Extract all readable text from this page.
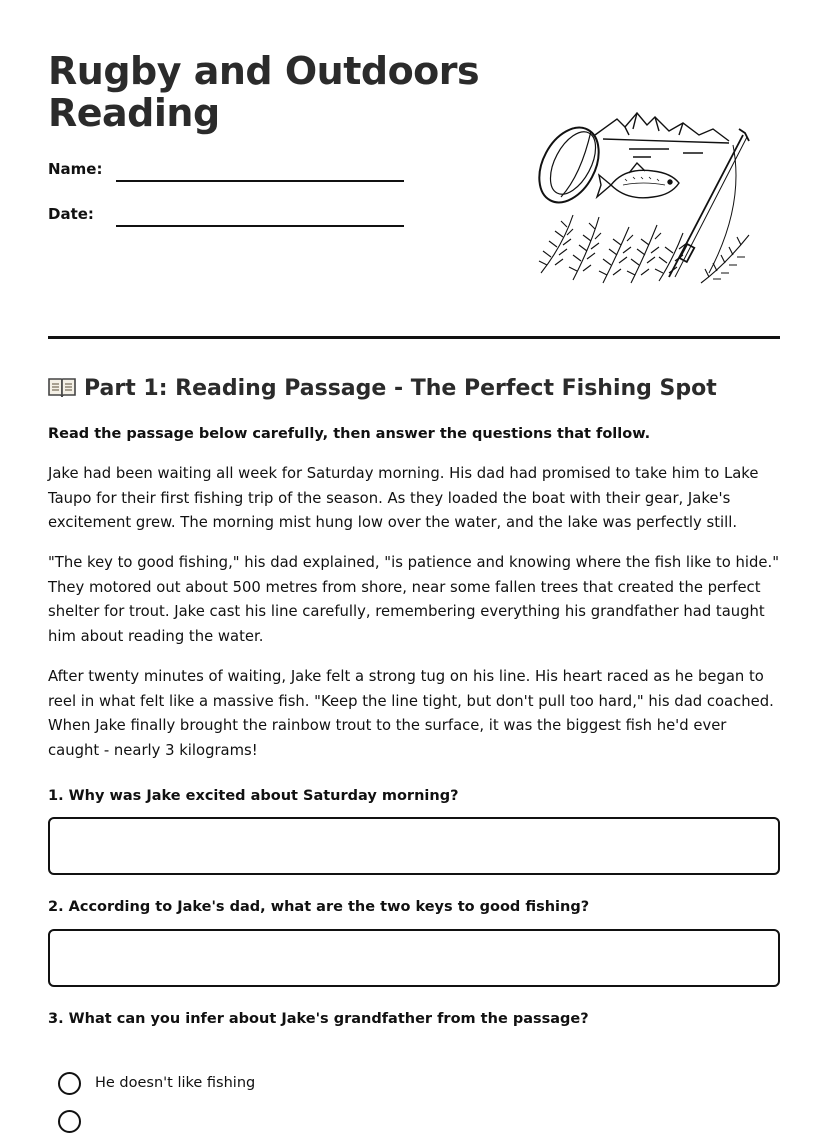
Rugby and Outdoors
Reading
Name:
Date:
Part 1: Reading Passage - The Perfect Fishing Spot
Read the passage below carefully, then answer the questions that follow.

Jake had been waiting all week for Saturday morning. His dad had promised to take him to Lake Taupo for their first fishing trip of the season. As they loaded the boat with their gear, Jake's excitement grew. The morning mist hung low over the water, and the lake was perfectly still.

"The key to good fishing," his dad explained, "is patience and knowing where the fish like to hide." They motored out about 500 metres from shore, near some fallen trees that created the perfect shelter for trout. Jake cast his line carefully, remembering everything his grandfather had taught him about reading the water.

After twenty minutes of waiting, Jake felt a strong tug on his line. His heart raced as he began to reel in what felt like a massive fish. "Keep the line tight, but don't pull too hard," his dad coached. When Jake finally brought the rainbow trout to the surface, it was the biggest fish he'd ever caught - nearly 3 kilograms!

1. Why was Jake excited about Saturday morning?
2. According to Jake's dad, what are the two keys to good fishing?
3. What can you infer about Jake's grandfather from the passage?
He doesn't like fishing
